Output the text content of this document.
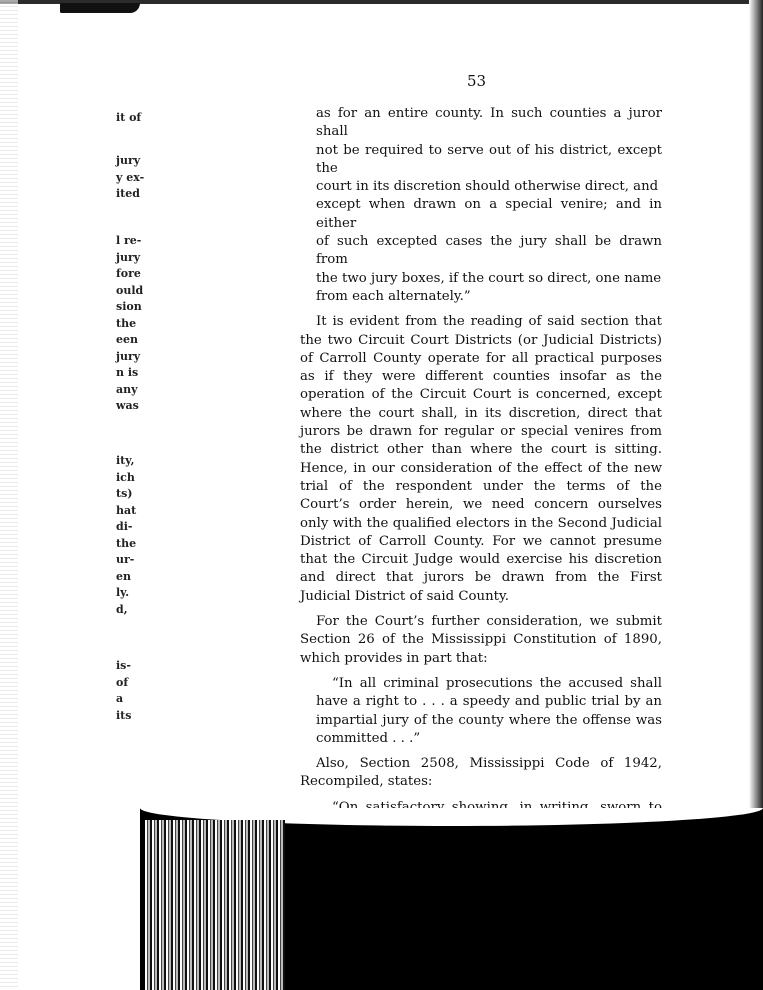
53
it of
jury
y ex-
ited
l re-
jury
fore
ould
sion
the
een
jury
n is
any
was
ity,
ich
ts)
hat
di-
the
ur-
en
ly.
d,
is-
of
a
its

as for an entire county. In such counties a juror shall
not be required to serve out of his district, except the
court in its discretion should otherwise direct, and
except when drawn on a special venire; and in either
of such excepted cases the jury shall be drawn from
the two jury boxes, if the court so direct, one name
from each alternately.”

It is evident from the reading of said section that the two Circuit Court Districts (or Judicial Districts) of Carroll County operate for all practical purposes as if they were different counties insofar as the operation of the Circuit Court is concerned, except where the court shall, in its discretion, direct that jurors be drawn for regular or special venires from the district other than where the court is sitting. Hence, in our consideration of the effect of the new trial of the respondent under the terms of the Court’s order herein, we need concern ourselves only with the qualified electors in the Second Judicial District of Carroll County. For we cannot presume that the Circuit Judge would exercise his discretion and direct that jurors be drawn from the First Judicial District of said County.

For the Court’s further consideration, we submit Section 26 of the Mississippi Constitution of 1890, which provides in part that:

“In all criminal prosecutions the accused shall have a right to . . . a speedy and public trial by an impartial jury of the county where the offense was committed . . .”

Also, Section 2508, Mississippi Code of 1942, Recompiled, states:
